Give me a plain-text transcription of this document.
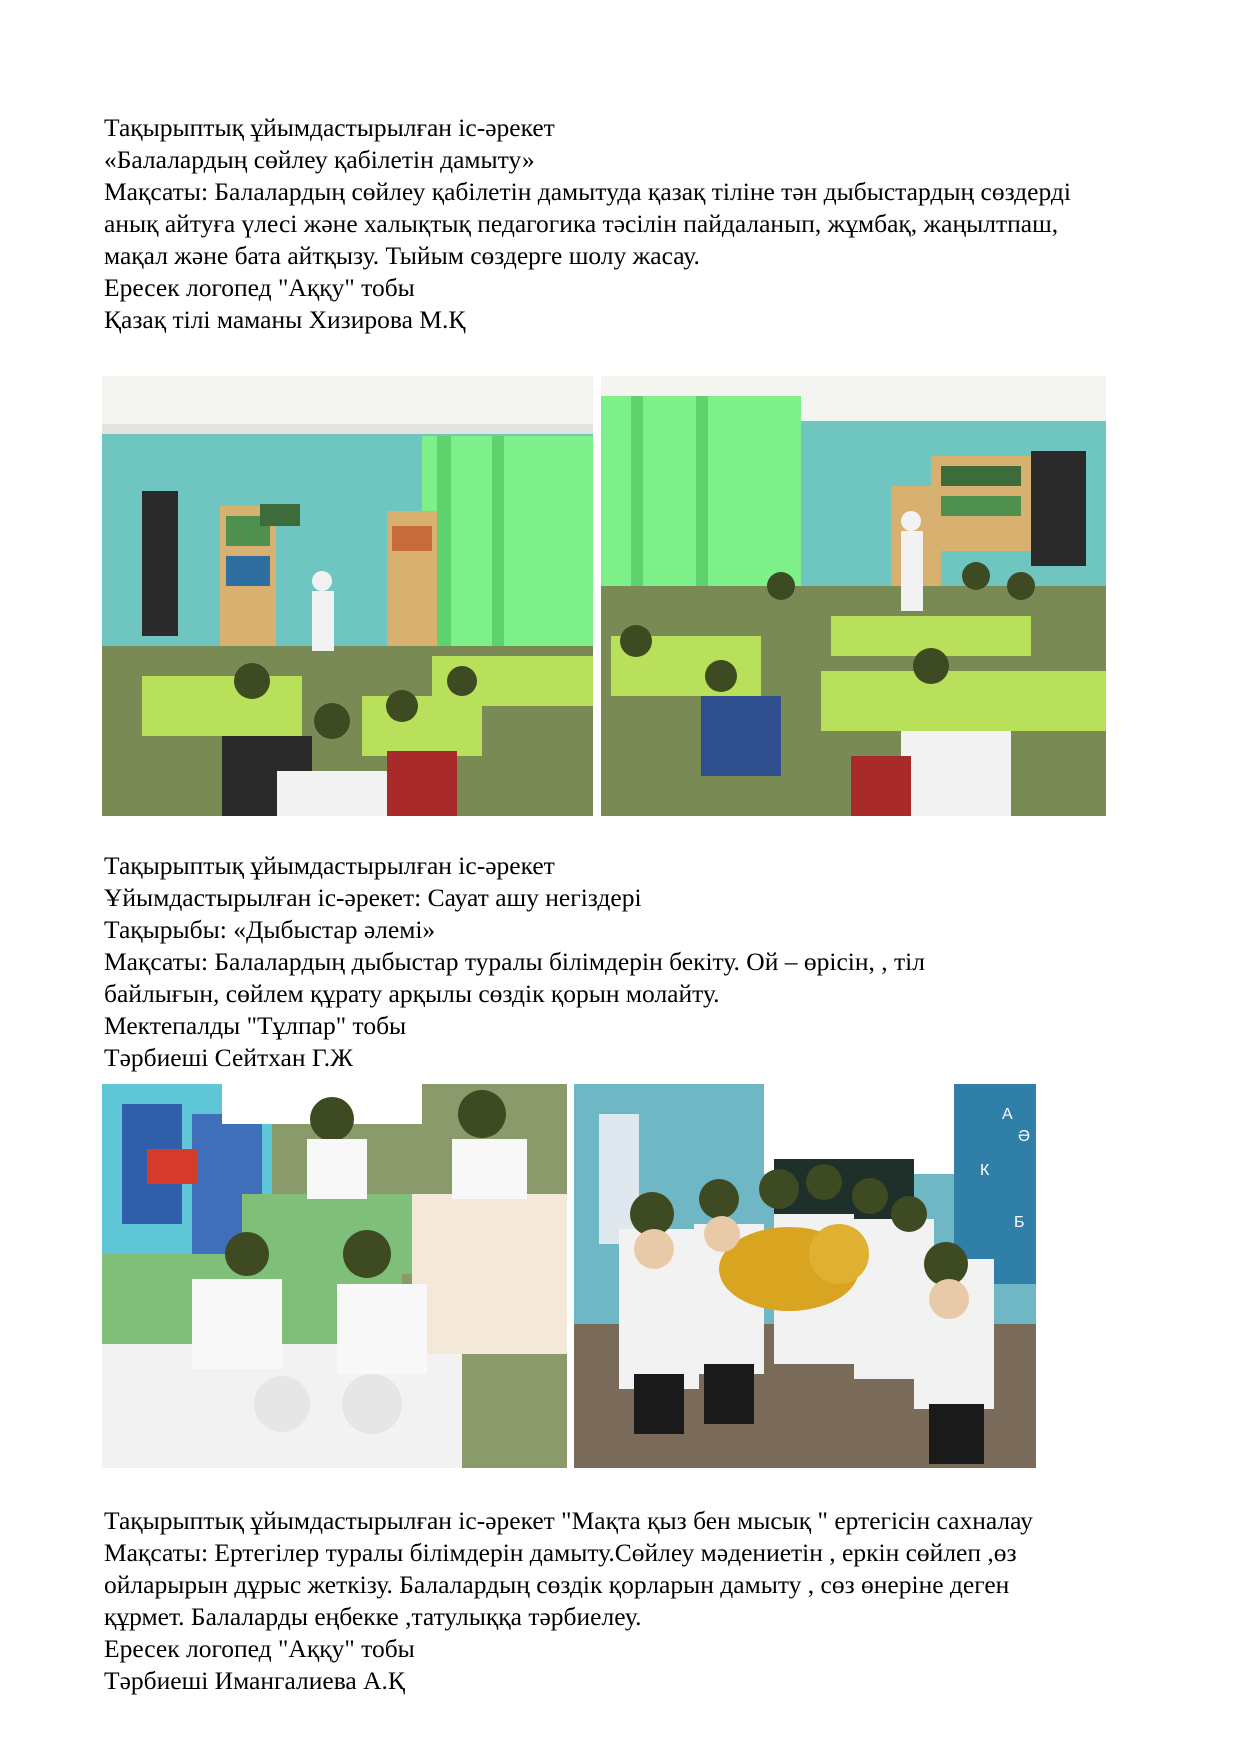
Тақырыптық ұйымдастырылған іс-әрекет

«Балалардың сөйлеу қабілетін дамыту»

Мақсаты: Балалардың сөйлеу қабілетін дамытуда қазақ тіліне тән дыбыстардың сөздерді

анық айтуға үлесі және халықтық педагогика тәсілін пайдаланып, жұмбақ, жаңылтпаш,

мақал және бата айтқызу. Тыйым сөздерге шолу жасау.

Ересек логопед "Аққу" тобы

Қазақ тілі маманы Хизирова М.Қ

Тақырыптық ұйымдастырылған іс-әрекет

Ұйымдастырылған іс-әрекет: Сауат ашу негіздері

Тақырыбы: «Дыбыстар әлемі»

Мақсаты: Балалардың дыбыстар туралы білімдерін бекіту. Ой – өрісін, , тіл

байлығын, сөйлем құрату арқылы сөздік қорын молайту.

Мектепалды "Тұлпар" тобы

Тәрбиеші Сейтхан Г.Ж

А
Ә
К
Б

Тақырыптық ұйымдастырылған іс-әрекет "Мақта қыз бен мысық " ертегісін сахналау

Мақсаты: Ертегілер туралы білімдерін дамыту.Сөйлеу мәдениетін , еркін сөйлеп ,өз

ойларырын дұрыс жеткізу. Балалардың сөздік қорларын дамыту , сөз өнеріне деген

құрмет. Балаларды еңбекке ,татулыққа тәрбиелеу.

Ересек логопед "Аққу" тобы

Тәрбиеші Имангалиева А.Қ
